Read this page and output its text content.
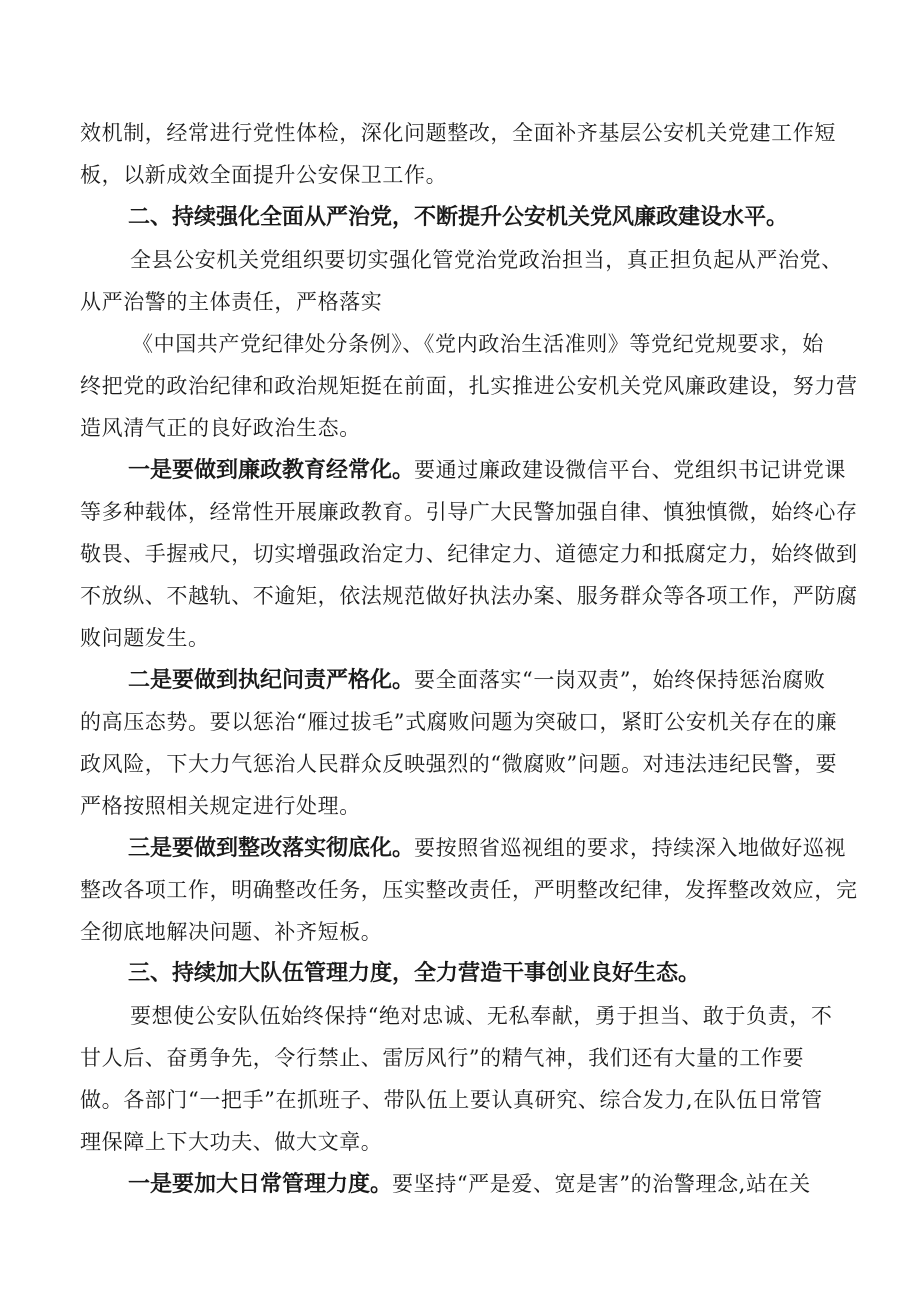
效机制，经常进行党性体检，深化问题整改，全面补齐基层公安机关党建工作短
板，以新成效全面提升公安保卫工作。
二、持续强化全面从严治党，不断提升公安机关党风廉政建设水平。
全县公安机关党组织要切实强化管党治党政治担当，真正担负起从严治党、
从严治警的主体责任，严格落实
《中国共产党纪律处分条例》、《党内政治生活准则》等党纪党规要求，始
终把党的政治纪律和政治规矩挺在前面，扎实推进公安机关党风廉政建设，努力营
造风清气正的良好政治生态。
一是要做到廉政教育经常化。要通过廉政建设微信平台、党组织书记讲党课
等多种载体，经常性开展廉政教育。引导广大民警加强自律、慎独慎微，始终心存
敬畏、手握戒尺，切实增强政治定力、纪律定力、道德定力和抵腐定力，始终做到
不放纵、不越轨、不逾矩，依法规范做好执法办案、服务群众等各项工作，严防腐
败问题发生。
二是要做到执纪问责严格化。要全面落实“一岗双责”，始终保持惩治腐败
的高压态势。要以惩治“雁过拔毛”式腐败问题为突破口，紧盯公安机关存在的廉
政风险，下大力气惩治人民群众反映强烈的“微腐败”问题。对违法违纪民警，要
严格按照相关规定进行处理。
三是要做到整改落实彻底化。要按照省巡视组的要求，持续深入地做好巡视
整改各项工作，明确整改任务，压实整改责任，严明整改纪律，发挥整改效应，完
全彻底地解决问题、补齐短板。
三、持续加大队伍管理力度，全力营造干事创业良好生态。
要想使公安队伍始终保持“绝对忠诚、无私奉献，勇于担当、敢于负责，不
甘人后、奋勇争先，令行禁止、雷厉风行”的精气神，我们还有大量的工作要
做。各部门“一把手”在抓班子、带队伍上要认真研究、综合发力,在队伍日常管
理保障上下大功夫、做大文章。
一是要加大日常管理力度。要坚持“严是爱、宽是害”的治警理念,站在关
